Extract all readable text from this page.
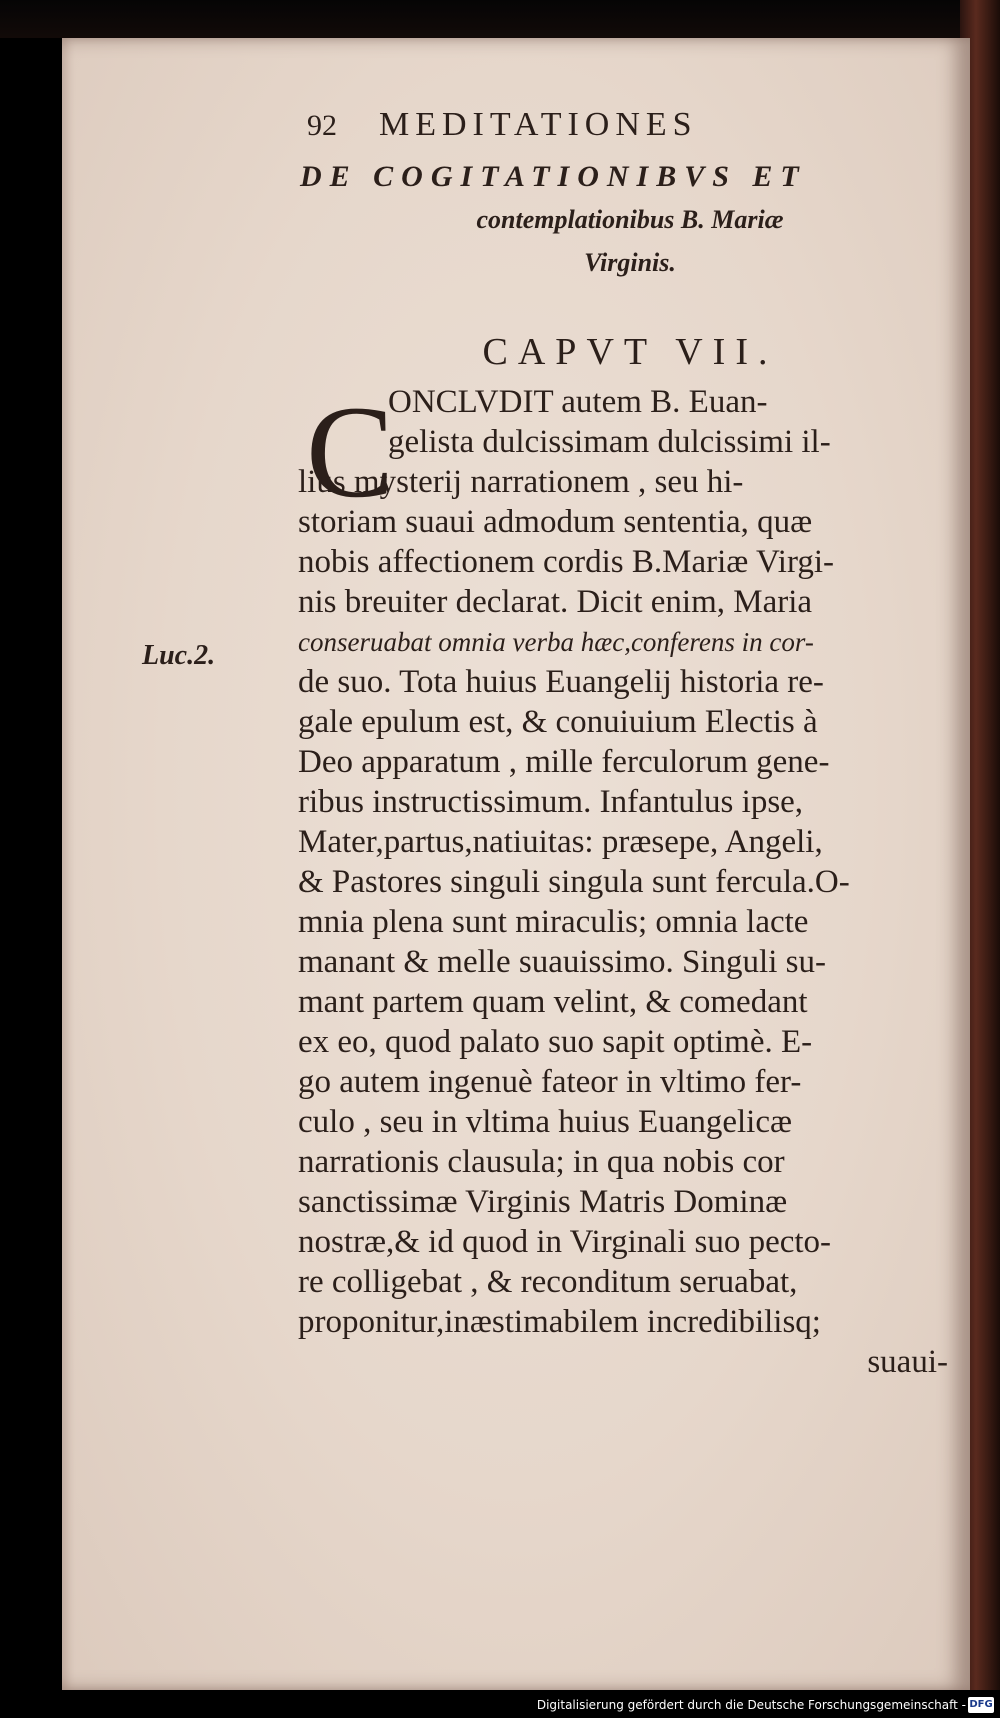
92 MEDITATIONES
DE COGITATIONIBVS ET
contemplationibus B. Mariæ
Virginis.
CAPVT VII.
C
Luc.2.
ONCLVDIT autem B. Euan-
gelista dulcissimam dulcissimi il-
lius mysterij narrationem , seu hi-
storiam suaui admodum sententia, quæ
nobis affectionem cordis B.Mariæ Virgi-
nis breuiter declarat. Dicit enim, Maria
conseruabat omnia verba hæc,conferens in cor-
de suo. Tota huius Euangelij historia re-
gale epulum est, & conuiuium Electis à
Deo apparatum , mille ferculorum gene-
ribus instructissimum. Infantulus ipse,
Mater,partus,natiuitas: præsepe, Angeli,
& Pastores singuli singula sunt fercula.O-
mnia plena sunt miraculis; omnia lacte
manant & melle suauissimo. Singuli su-
mant partem quam velint, & comedant
ex eo, quod palato suo sapit optimè. E-
go autem ingenuè fateor in vltimo fer-
culo , seu in vltima huius Euangelicæ
narrationis clausula; in qua nobis cor
sanctissimæ Virginis Matris Dominæ
nostræ,& id quod in Virginali suo pecto-
re colligebat , & reconditum seruabat,
proponitur,inæstimabilem incredibilisq;
suaui-
Digitalisierung gefördert durch die Deutsche Forschungsgemeinschaft - DFG
